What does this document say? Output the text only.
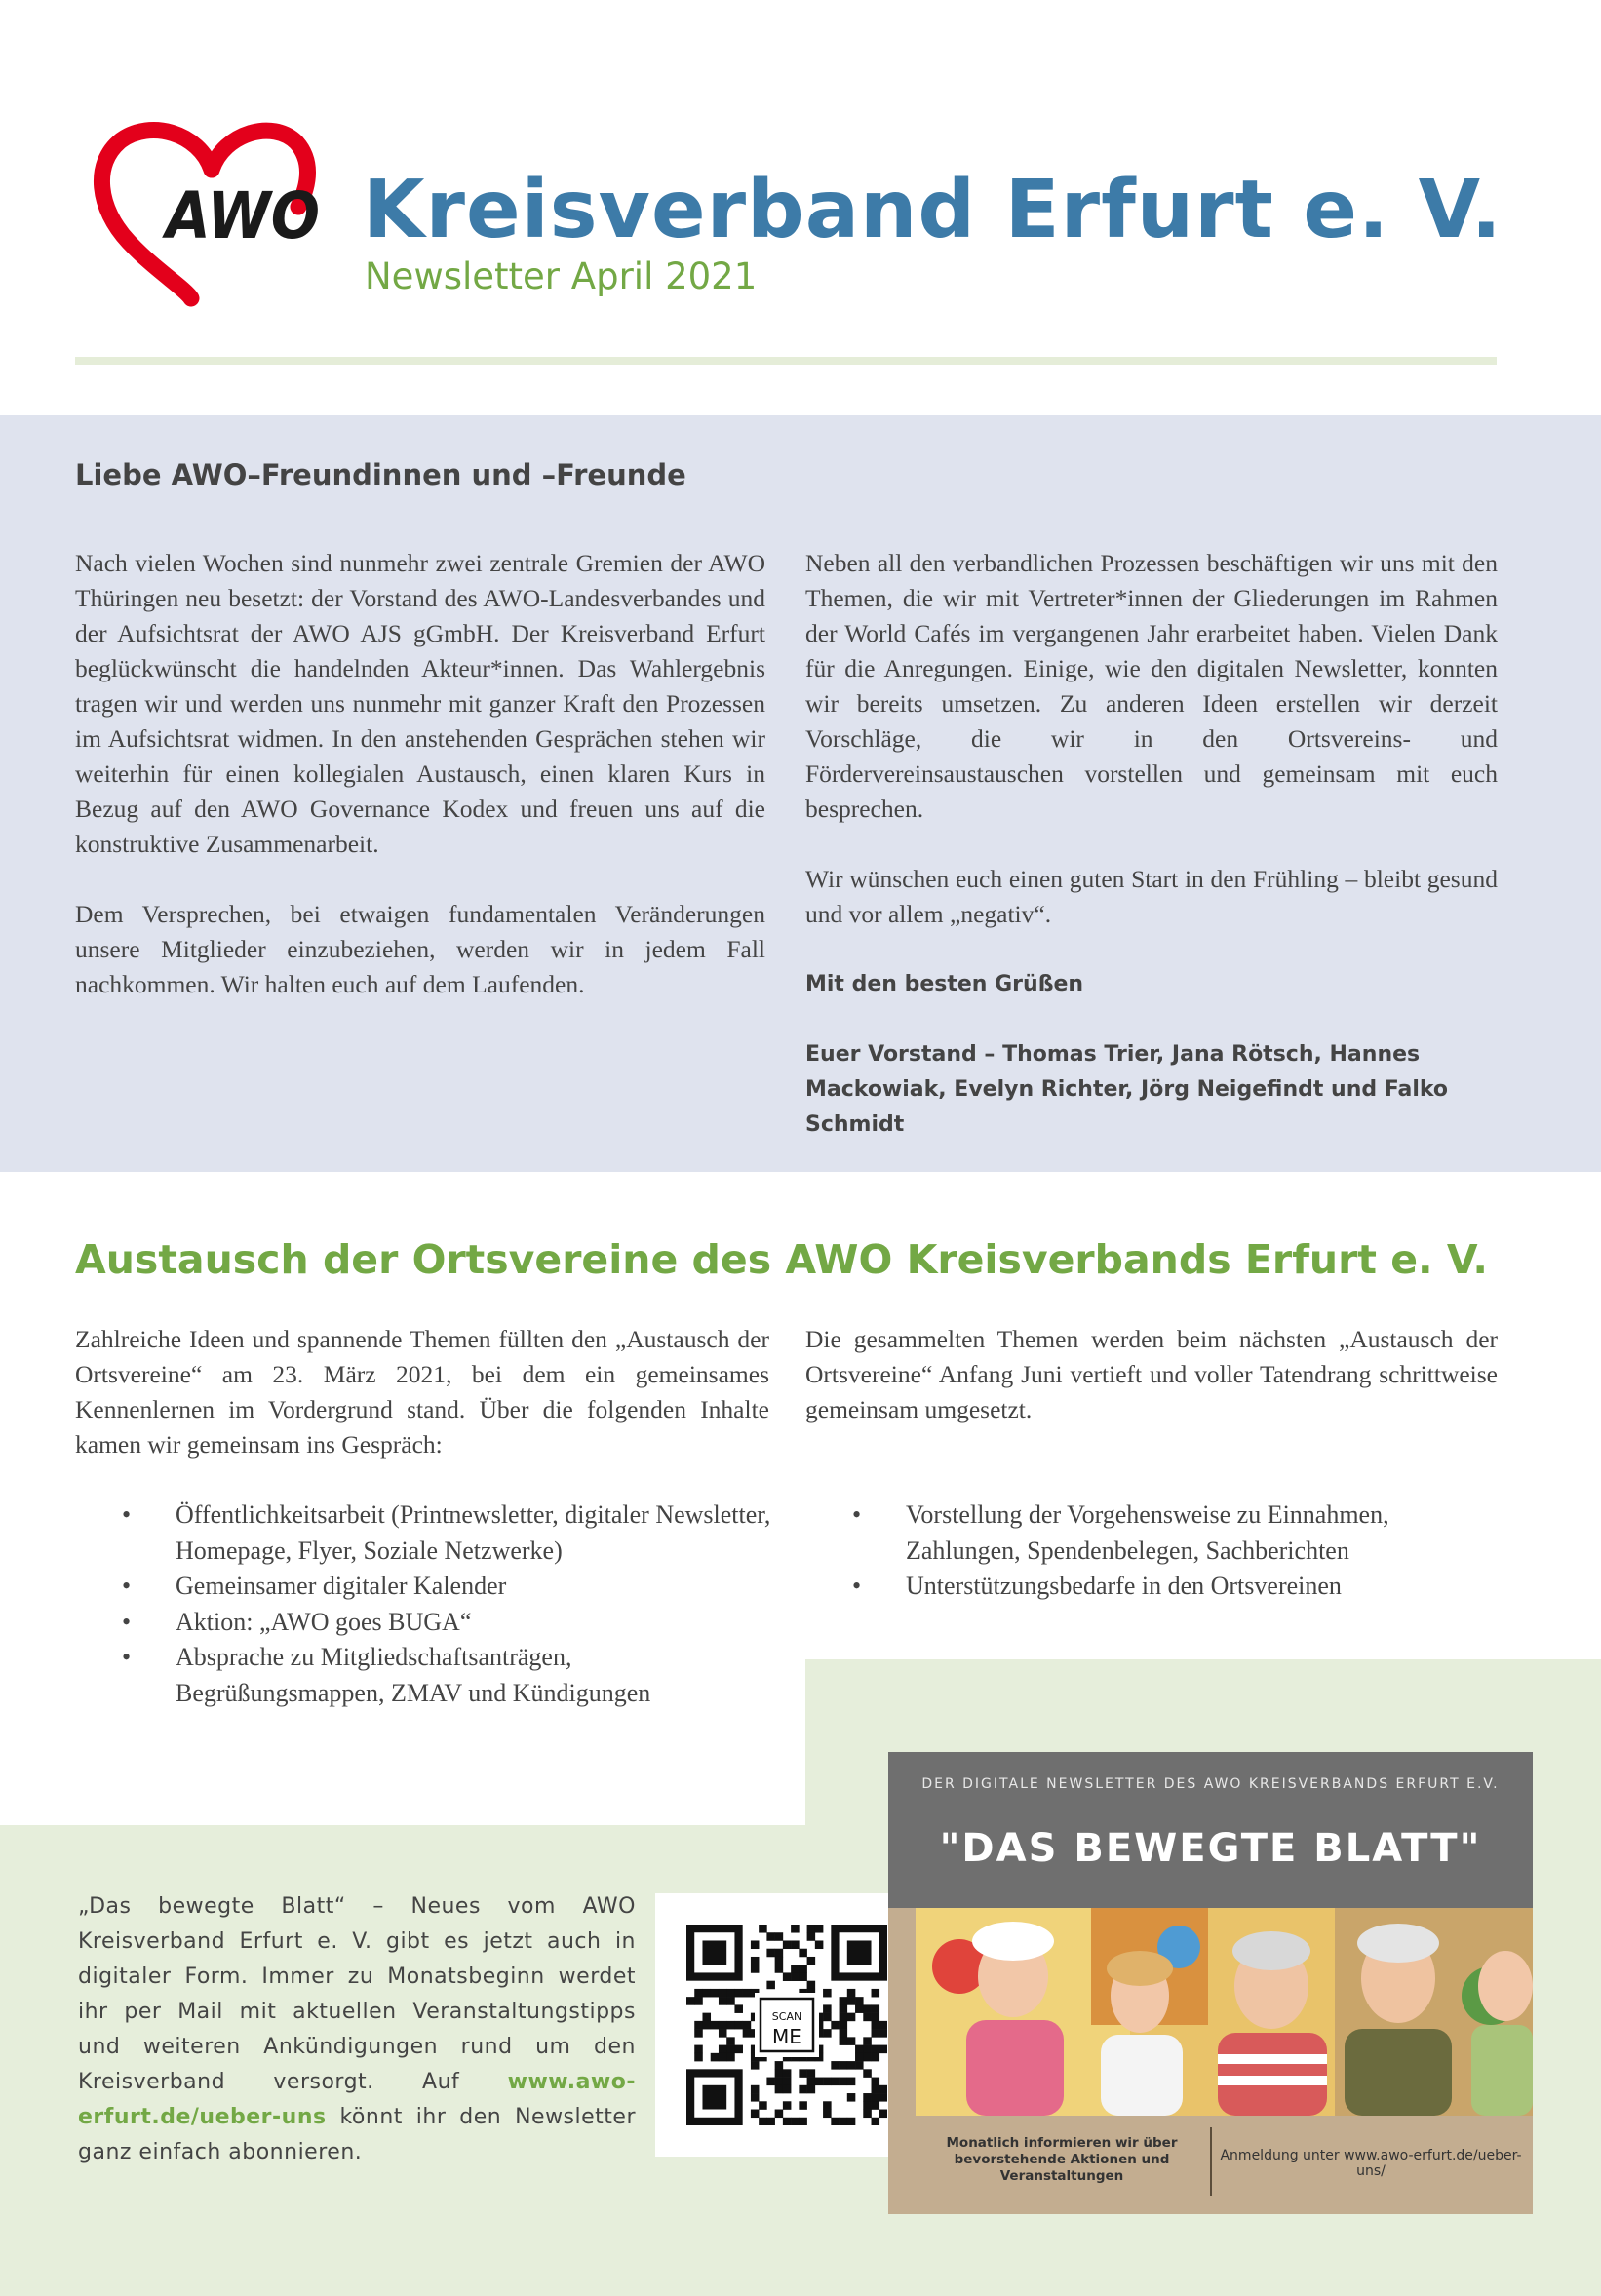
AWO Kreisverband Erfurt e. V.
Newsletter April 2021
Liebe AWO–Freundinnen und –Freunde

Nach vielen Wochen sind nunmehr zwei zentrale Gremien der AWO Thüringen neu besetzt: der Vorstand des AWO-Landesverbandes und der Aufsichtsrat der AWO AJS gGmbH. Der Kreisverband Erfurt beglückwünscht die handelnden Akteur*innen. Das Wahlergebnis tragen wir und werden uns nunmehr mit ganzer Kraft den Prozessen im Aufsichtsrat widmen. In den anstehenden Gesprächen stehen wir weiterhin für einen kollegialen Austausch, einen klaren Kurs in Bezug auf den AWO Governance Kodex und freuen uns auf die konstruktive Zusammenarbeit.

Dem Versprechen, bei etwaigen fundamentalen Veränderungen unsere Mitglieder einzubeziehen, werden wir in jedem Fall nachkommen. Wir halten euch auf dem Laufenden.

Neben all den verbandlichen Prozessen beschäftigen wir uns mit den Themen, die wir mit Vertreter*innen der Gliederungen im Rahmen der World Cafés im vergangenen Jahr erarbeitet haben. Vielen Dank für die Anregungen. Einige, wie den digitalen Newsletter, konnten wir bereits umsetzen. Zu anderen Ideen erstellen wir derzeit Vorschläge, die wir in den Ortsvereins- und Fördervereinsaustauschen vorstellen und gemeinsam mit euch besprechen.

Wir wünschen euch einen guten Start in den Frühling – bleibt gesund und vor allem „negativ“.

Mit den besten Grüßen

Euer Vorstand – Thomas Trier, Jana Rötsch, Hannes Mackowiak, Evelyn Richter, Jörg Neigefindt und Falko Schmidt

Austausch der Ortsvereine des AWO Kreisverbands Erfurt e. V.
Zahlreiche Ideen und spannende Themen füllten den „Austausch der Ortsvereine“ am 23. März 2021, bei dem ein gemeinsames Kennenlernen im Vordergrund stand. Über die folgenden Inhalte kamen wir gemeinsam ins Gespräch:
Die gesammelten Themen werden beim nächsten „Austausch der Ortsvereine“ Anfang Juni vertieft und voller Tatendrang schrittweise gemeinsam umgesetzt.
• Öffentlichkeitsarbeit (Printnewsletter, digitaler Newsletter, Homepage, Flyer, Soziale Netzwerke)
• Gemeinsamer digitaler Kalender
• Aktion: „AWO goes BUGA“
• Absprache zu Mitgliedschaftsanträgen, Begrüßungsmappen, ZMAV und Kündigungen
• Vorstellung der Vorgehensweise zu Einnahmen, Zahlungen, Spendenbelegen, Sachberichten
• Unterstützungsbedarfe in den Ortsvereinen
„Das bewegte Blatt“ – Neues vom AWO Kreisverband Erfurt e. V. gibt es jetzt auch in digitaler Form. Immer zu Monatsbeginn werdet ihr per Mail mit aktuellen Veranstaltungstipps und weiteren Ankündigungen rund um den Kreisverband versorgt. Auf www.awo-erfurt.de/ueber-uns könnt ihr den Newsletter ganz einfach abonnieren.
SCAN
ME
DER DIGITALE NEWSLETTER DES AWO KREISVERBANDS ERFURT E.V.
"DAS BEWEGTE BLATT"
Monatlich informieren wir über bevorstehende Aktionen und Veranstaltungen
Anmeldung unter www.awo-erfurt.de/ueber-uns/
